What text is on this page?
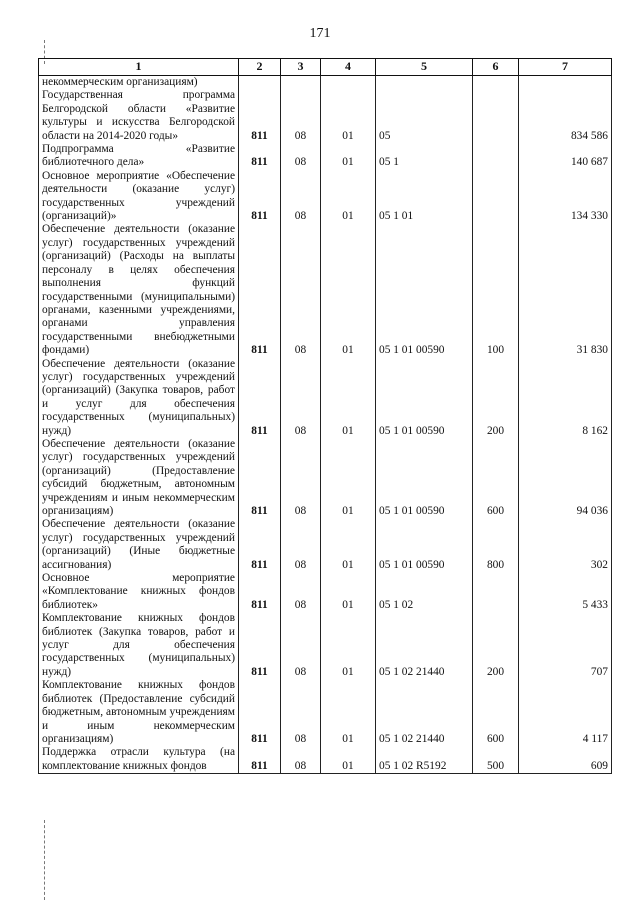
171
1	2	3	4	5	6	7
некоммерческим организациям)						
Государственная программа Белгородской области «Развитие культуры и искусства Белгородской области на 2014-2020 годы»	811	08	01	05		834 586
Подпрограмма «Развитие библиотечного дела»	811	08	01	05 1		140 687
Основное мероприятие «Обеспечение деятельности (оказание услуг) государственных учреждений (организаций)»	811	08	01	05 1 01		134 330
Обеспечение деятельности (оказание услуг) государственных учреждений (организаций) (Расходы на выплаты персоналу в целях обеспечения выполнения функций государственными (муниципальными) органами, казенными учреждениями, органами управления государственными внебюджетными фондами)	811	08	01	05 1 01 00590	100	31 830
Обеспечение деятельности (оказание услуг) государственных учреждений (организаций) (Закупка товаров, работ и услуг для обеспечения государственных (муниципальных) нужд)	811	08	01	05 1 01 00590	200	8 162
Обеспечение деятельности (оказание услуг) государственных учреждений (организаций) (Предоставление субсидий бюджетным, автономным учреждениям и иным некоммерческим организациям)	811	08	01	05 1 01 00590	600	94 036
Обеспечение деятельности (оказание услуг) государственных учреждений (организаций) (Иные бюджетные ассигнования)	811	08	01	05 1 01 00590	800	302
Основное мероприятие «Комплектование книжных фондов библиотек»	811	08	01	05 1 02		5 433
Комплектование книжных фондов библиотек (Закупка товаров, работ и услуг для обеспечения государственных (муниципальных) нужд)	811	08	01	05 1 02 21440	200	707
Комплектование книжных фондов библиотек (Предоставление субсидий бюджетным, автономным учреждениям и иным некоммерческим организациям)	811	08	01	05 1 02 21440	600	4 117
Поддержка отрасли культура (на комплектование книжных фондов	811	08	01	05 1 02 R5192	500	609
